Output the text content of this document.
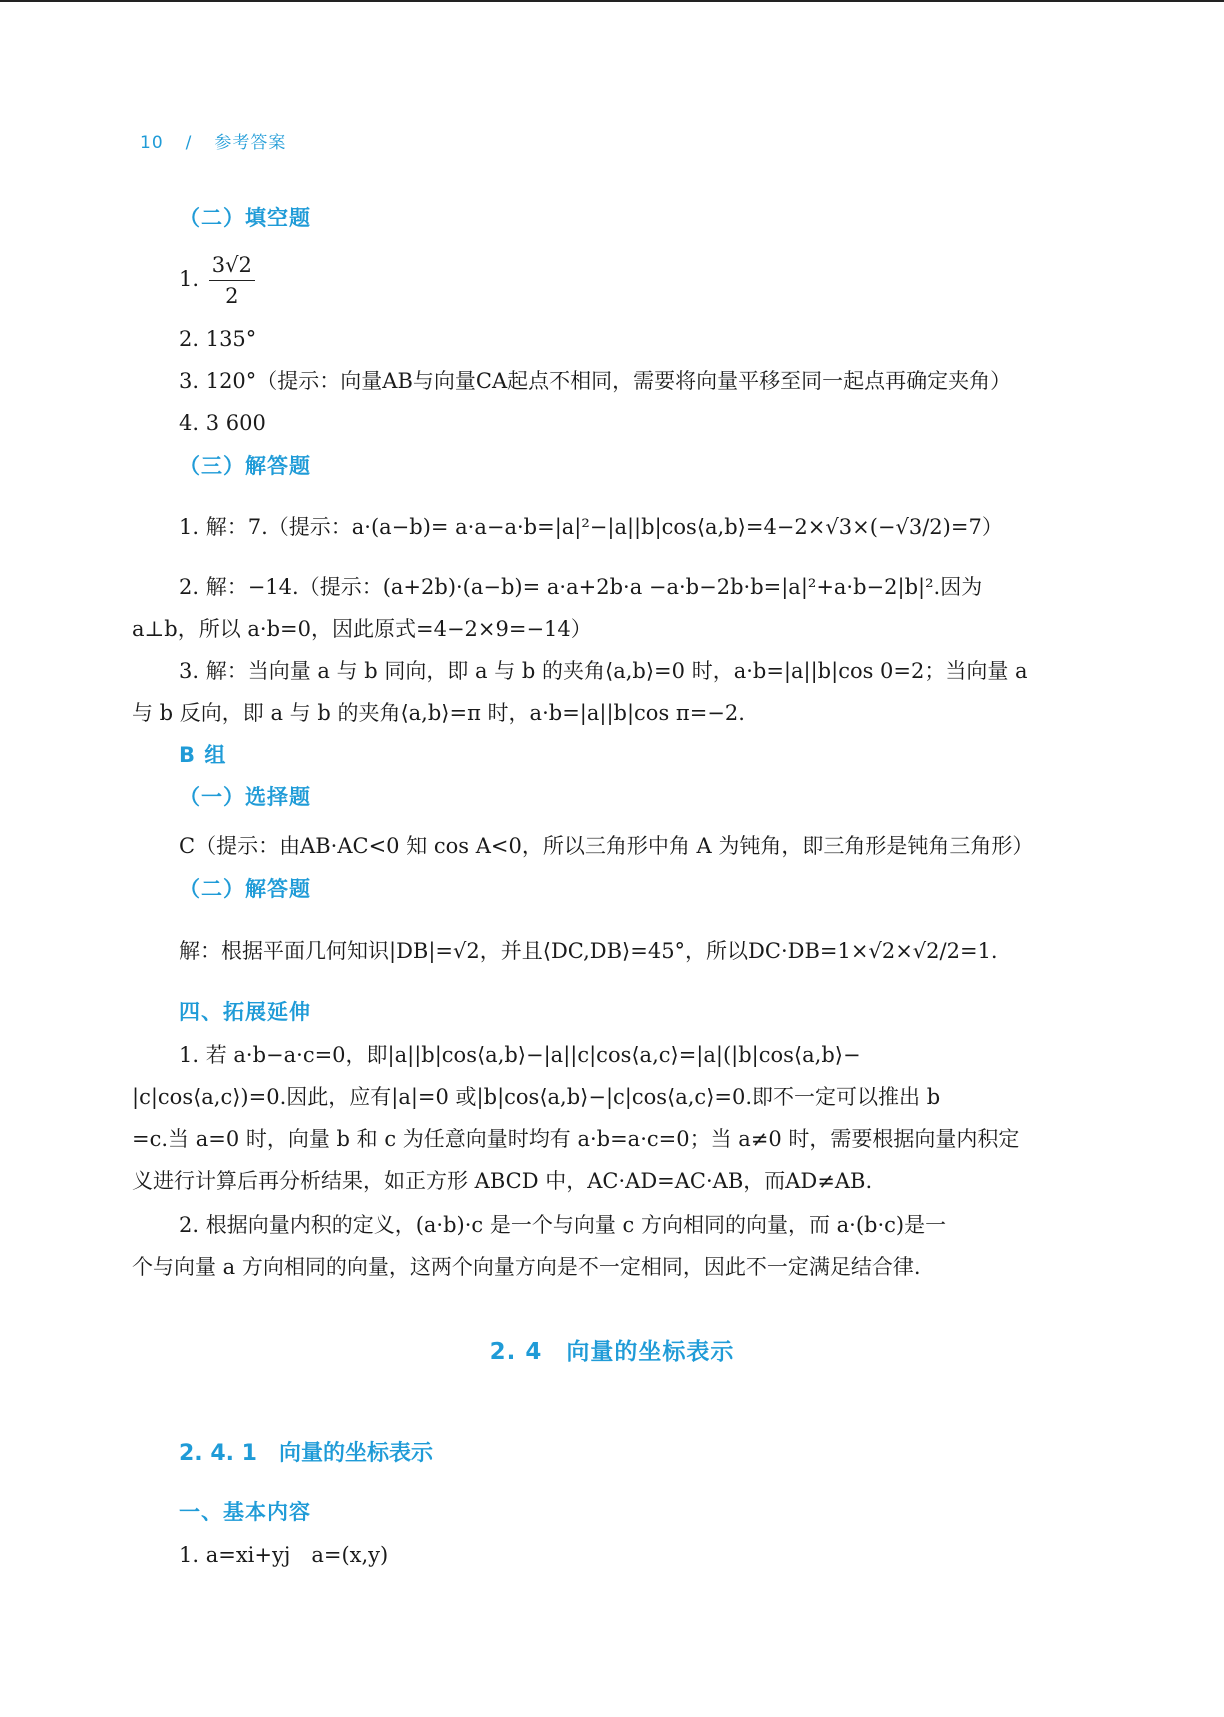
10 / 参考答案
（二）填空题
1. $\frac{3√2}{2}$
2. 135°
3. 120°（提示：向量AB与向量CA起点不相同，需要将向量平移至同一起点再确定夹角）
4. 3 600
（三）解答题
1. 解：7.（提示：a·(a−b)= a·a−a·b=|a|²−|a||b|cos⟨a,b⟩=4−2×√3×(−√3/2)=7）
2. 解：−14.（提示：(a+2b)·(a−b)= a·a+2b·a −a·b−2b·b=|a|²+a·b−2|b|².因为
a⊥b，所以 a·b=0，因此原式=4−2×9=−14）
3. 解：当向量 a 与 b 同向，即 a 与 b 的夹角⟨a,b⟩=0 时，a·b=|a||b|cos 0=2；当向量 a
与 b 反向，即 a 与 b 的夹角⟨a,b⟩=π 时，a·b=|a||b|cos π=−2.
B 组
（一）选择题
C（提示：由AB·AC<0 知 cos A<0，所以三角形中角 A 为钝角，即三角形是钝角三角形）
（二）解答题
解：根据平面几何知识|DB|=√2，并且⟨DC,DB⟩=45°，所以DC·DB=1×√2×√2/2=1.
四、拓展延伸
1. 若 a·b−a·c=0，即|a||b|cos⟨a,b⟩−|a||c|cos⟨a,c⟩=|a|(|b|cos⟨a,b⟩−
|c|cos⟨a,c⟩)=0.因此，应有|a|=0 或|b|cos⟨a,b⟩−|c|cos⟨a,c⟩=0.即不一定可以推出 b
=c.当 a=0 时，向量 b 和 c 为任意向量时均有 a·b=a·c=0；当 a≠0 时，需要根据向量内积定
义进行计算后再分析结果，如正方形 ABCD 中，AC·AD=AC·AB，而AD≠AB.
2. 根据向量内积的定义，(a·b)·c 是一个与向量 c 方向相同的向量，而 a·(b·c)是一
个与向量 a 方向相同的向量，这两个向量方向是不一定相同，因此不一定满足结合律.
2. 4　向量的坐标表示
2. 4. 1　向量的坐标表示
一、基本内容
1. a=xi+yj　a=(x,y)
